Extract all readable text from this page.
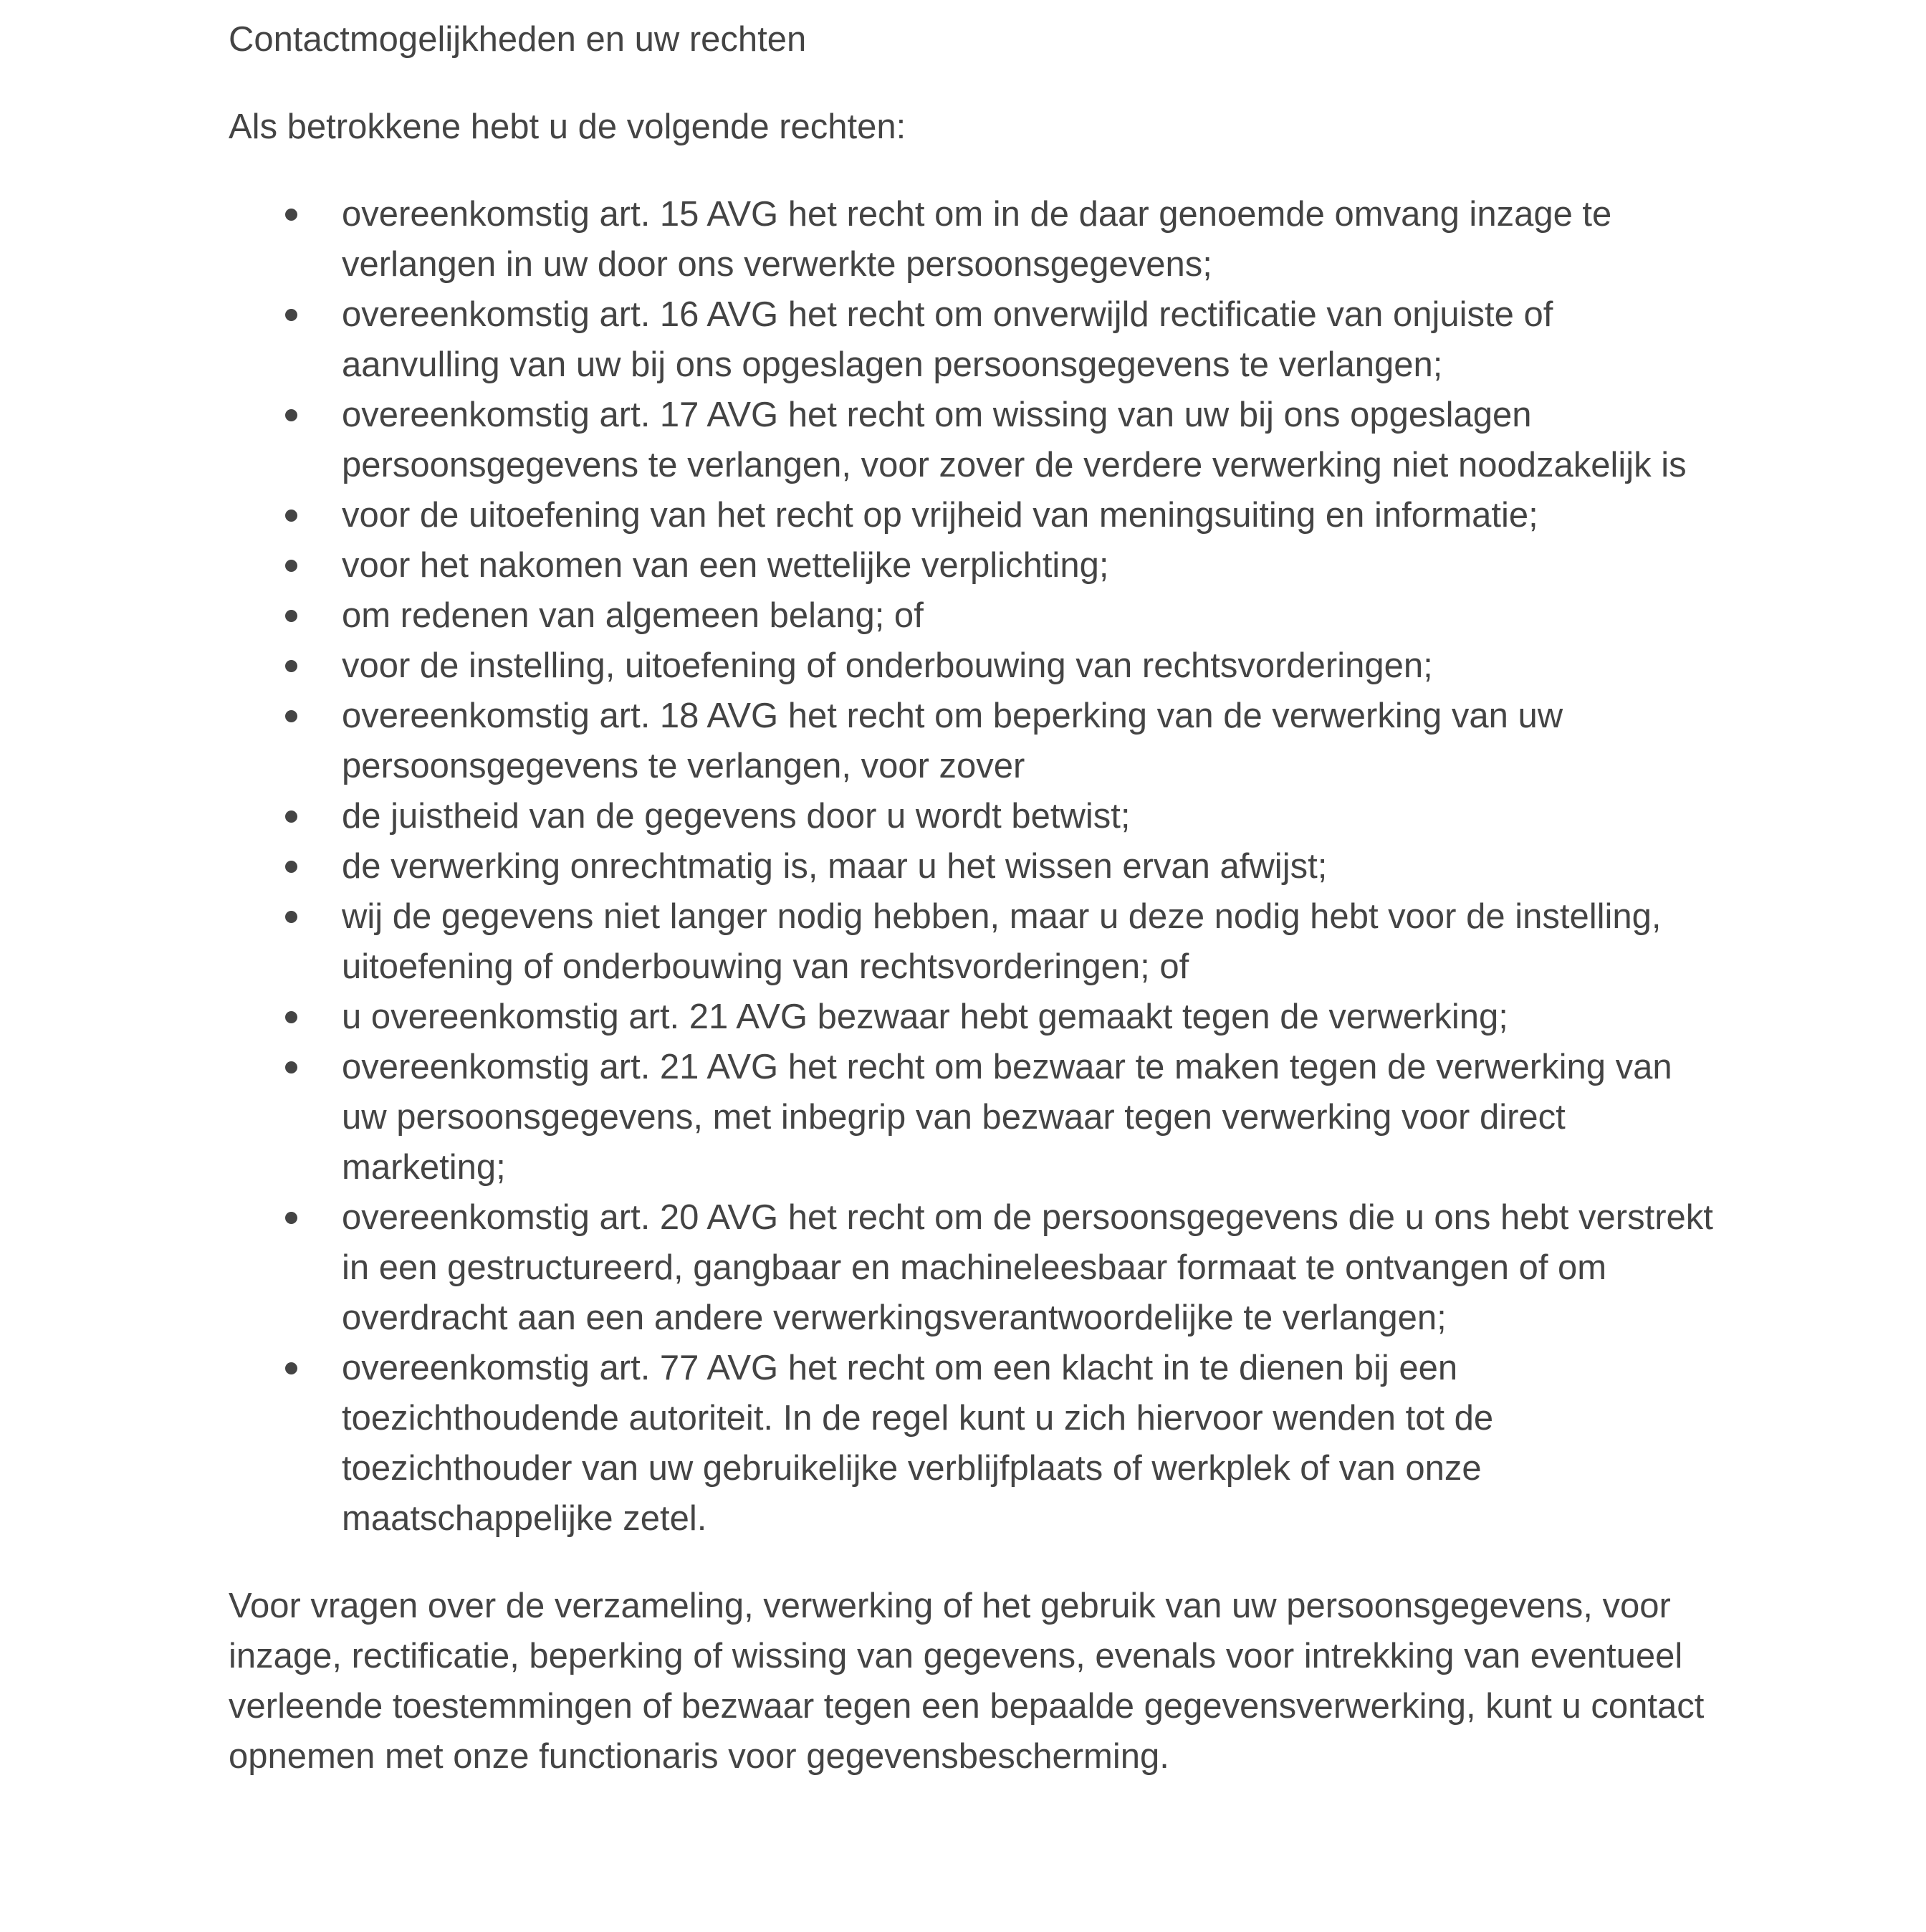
Contactmogelijkheden en uw rechten

Als betrokkene hebt u de volgende rechten:

overeenkomstig art. 15 AVG het recht om in de daar genoemde omvang inzage te verlangen in uw door ons verwerkte persoonsgegevens;
overeenkomstig art. 16 AVG het recht om onverwijld rectificatie van onjuiste of aanvulling van uw bij ons opgeslagen persoonsgegevens te verlangen;
overeenkomstig art. 17 AVG het recht om wissing van uw bij ons opgeslagen persoonsgegevens te verlangen, voor zover de verdere verwerking niet noodzakelijk is
voor de uitoefening van het recht op vrijheid van meningsuiting en informatie;
voor het nakomen van een wettelijke verplichting;
om redenen van algemeen belang; of
voor de instelling, uitoefening of onderbouwing van rechtsvorderingen;
overeenkomstig art. 18 AVG het recht om beperking van de verwerking van uw persoonsgegevens te verlangen, voor zover
de juistheid van de gegevens door u wordt betwist;
de verwerking onrechtmatig is, maar u het wissen ervan afwijst;
wij de gegevens niet langer nodig hebben, maar u deze nodig hebt voor de instelling, uitoefening of onderbouwing van rechtsvorderingen; of
u overeenkomstig art. 21 AVG bezwaar hebt gemaakt tegen de verwerking;
overeenkomstig art. 21 AVG het recht om bezwaar te maken tegen de verwerking van uw persoonsgegevens, met inbegrip van bezwaar tegen verwerking voor direct marketing;
overeenkomstig art. 20 AVG het recht om de persoonsgegevens die u ons hebt verstrekt in een gestructureerd, gangbaar en machineleesbaar formaat te ontvangen of om overdracht aan een andere verwerkingsverantwoordelijke te verlangen;
overeenkomstig art. 77 AVG het recht om een klacht in te dienen bij een toezichthoudende autoriteit. In de regel kunt u zich hiervoor wenden tot de toezichthouder van uw gebruikelijke verblijfplaats of werkplek of van onze maatschappelijke zetel.

Voor vragen over de verzameling, verwerking of het gebruik van uw persoonsgegevens, voor inzage, rectificatie, beperking of wissing van gegevens, evenals voor intrekking van eventueel verleende toestemmingen of bezwaar tegen een bepaalde gegevensverwerking, kunt u contact opnemen met onze functionaris voor gegevensbescherming.
